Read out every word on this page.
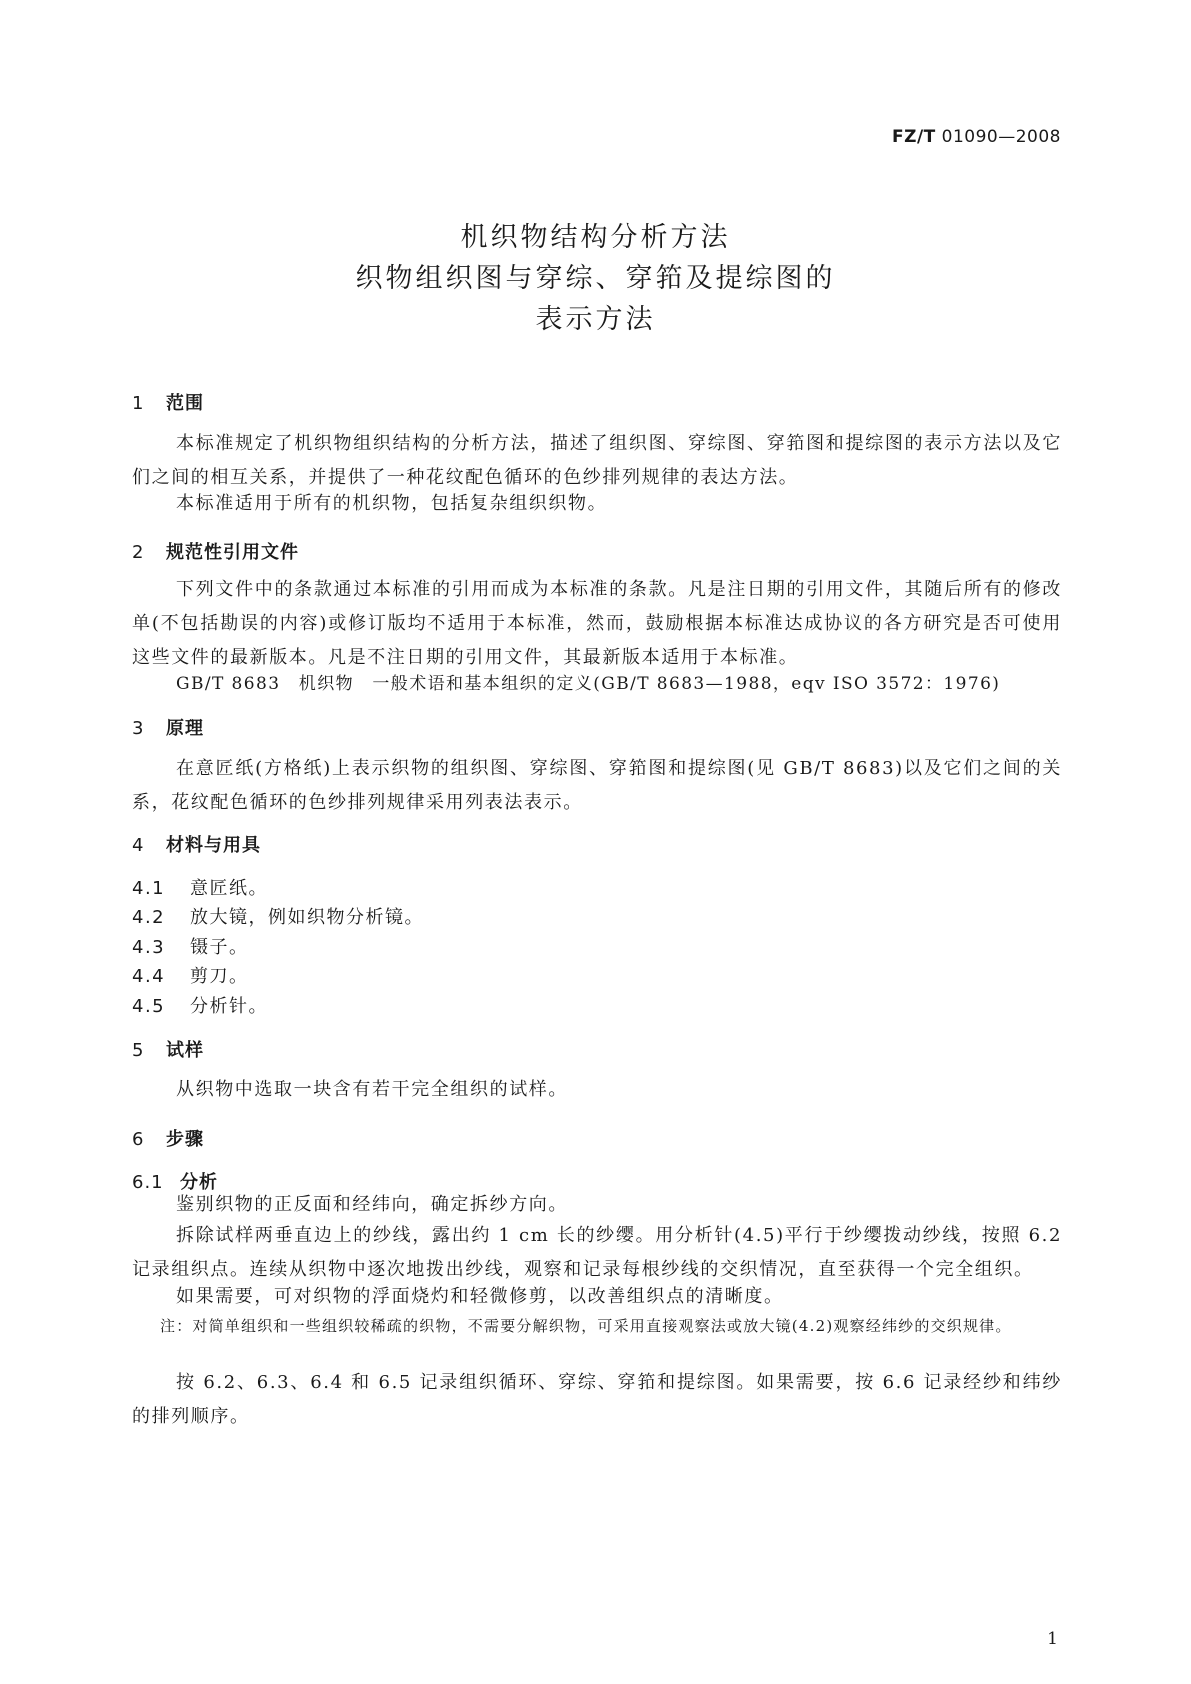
FZ/T 01090—2008
机织物结构分析方法
织物组织图与穿综、穿筘及提综图的
表示方法
1 范围
本标准规定了机织物组织结构的分析方法，描述了组织图、穿综图、穿筘图和提综图的表示方法以及它们之间的相互关系，并提供了一种花纹配色循环的色纱排列规律的表达方法。
本标准适用于所有的机织物，包括复杂组织织物。
2 规范性引用文件
下列文件中的条款通过本标准的引用而成为本标准的条款。凡是注日期的引用文件，其随后所有的修改单(不包括勘误的内容)或修订版均不适用于本标准，然而，鼓励根据本标准达成协议的各方研究是否可使用这些文件的最新版本。凡是不注日期的引用文件，其最新版本适用于本标准。
GB/T 8683　机织物　一般术语和基本组织的定义(GB/T 8683—1988，eqv ISO 3572：1976)
3 原理
在意匠纸(方格纸)上表示织物的组织图、穿综图、穿筘图和提综图(见 GB/T 8683)以及它们之间的关系，花纹配色循环的色纱排列规律采用列表法表示。
4 材料与用具
4.1 意匠纸。
4.2 放大镜，例如织物分析镜。
4.3 镊子。
4.4 剪刀。
4.5 分析针。
5 试样
从织物中选取一块含有若干完全组织的试样。
6 步骤
6.1 分析
鉴别织物的正反面和经纬向，确定拆纱方向。
拆除试样两垂直边上的纱线，露出约 1 cm 长的纱缨。用分析针(4.5)平行于纱缨拨动纱线，按照 6.2 记录组织点。连续从织物中逐次地拨出纱线，观察和记录每根纱线的交织情况，直至获得一个完全组织。
如果需要，可对织物的浮面烧灼和轻微修剪，以改善组织点的清晰度。
注：对简单组织和一些组织较稀疏的织物，不需要分解织物，可采用直接观察法或放大镜(4.2)观察经纬纱的交织规律。
按 6.2、6.3、6.4 和 6.5 记录组织循环、穿综、穿筘和提综图。如果需要，按 6.6 记录经纱和纬纱的排列顺序。
1
